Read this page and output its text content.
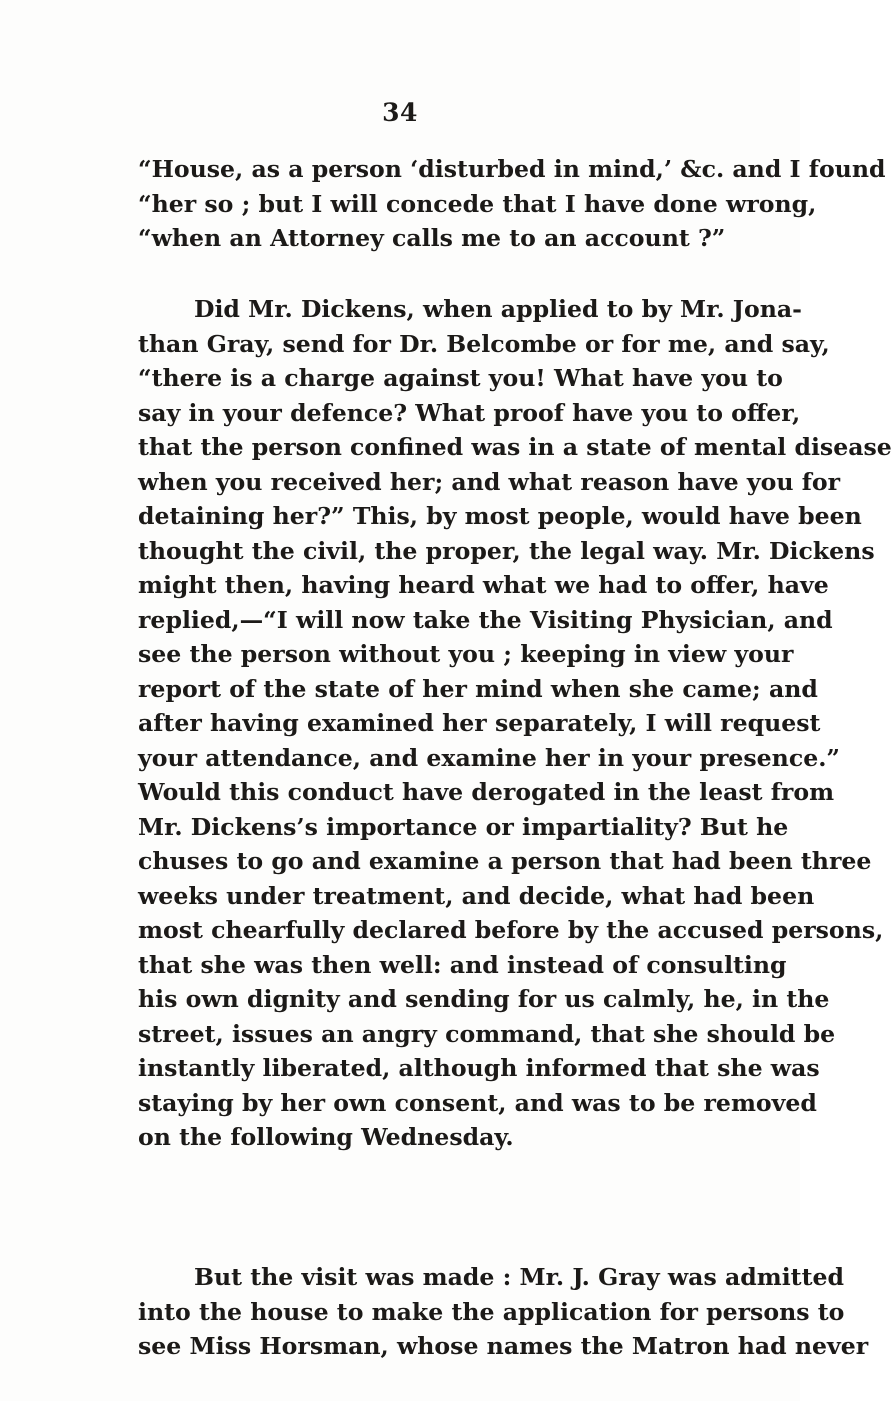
34
“House, as a person ‘disturbed in mind,’ &c. and I found
“her so ; but I will concede that I have done wrong,
“when an Attorney calls me to an account ?”
Did Mr. Dickens, when applied to by Mr. Jona-
than Gray, send for Dr. Belcombe or for me, and say,
“there is a charge against you! What have you to
say in your defence? What proof have you to offer,
that the person confined was in a state of mental disease
when you received her; and what reason have you for
detaining her?” This, by most people, would have been
thought the civil, the proper, the legal way. Mr. Dickens
might then, having heard what we had to offer, have
replied,—“I will now take the Visiting Physician, and
see the person without you ; keeping in view your
report of the state of her mind when she came; and
after having examined her separately, I will request
your attendance, and examine her in your presence.”
Would this conduct have derogated in the least from
Mr. Dickens’s importance or impartiality? But he
chuses to go and examine a person that had been three
weeks under treatment, and decide, what had been
most chearfully declared before by the accused persons,
that she was then well: and instead of consulting
his own dignity and sending for us calmly, he, in the
street, issues an angry command, that she should be
instantly liberated, although informed that she was
staying by her own consent, and was to be removed
on the following Wednesday.
But the visit was made : Mr. J. Gray was admitted
into the house to make the application for persons to
see Miss Horsman, whose names the Matron had never
